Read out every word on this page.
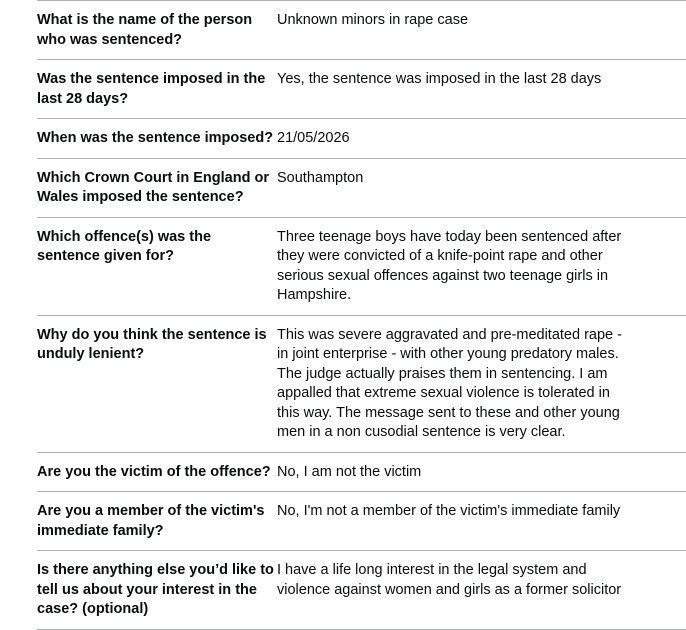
What is the name of the person who was sentenced?
Unknown minors in rape case
Was the sentence imposed in the last 28 days?
Yes, the sentence was imposed in the last 28 days
When was the sentence imposed? 21/05/2026
Which Crown Court in England or Wales imposed the sentence?
Southampton
Which offence(s) was the sentence given for?
Three teenage boys have today been sentenced after they were convicted of a knife-point rape and other serious sexual offences against two teenage girls in Hampshire.
Why do you think the sentence is unduly lenient?
This was severe aggravated and pre-meditated rape - in joint enterprise - with other young predatory males. The judge actually praises them in sentencing. I am appalled that extreme sexual violence is tolerated in this way. The message sent to these and other young men in a non cusodial sentence is very clear.
Are you the victim of the offence? No, I am not the victim
Are you a member of the victim's immediate family?
No, I'm not a member of the victim's immediate family
Is there anything else you’d like to tell us about your interest in the case? (optional)
I have a life long interest in the legal system and violence against women and girls as a former solicitor
